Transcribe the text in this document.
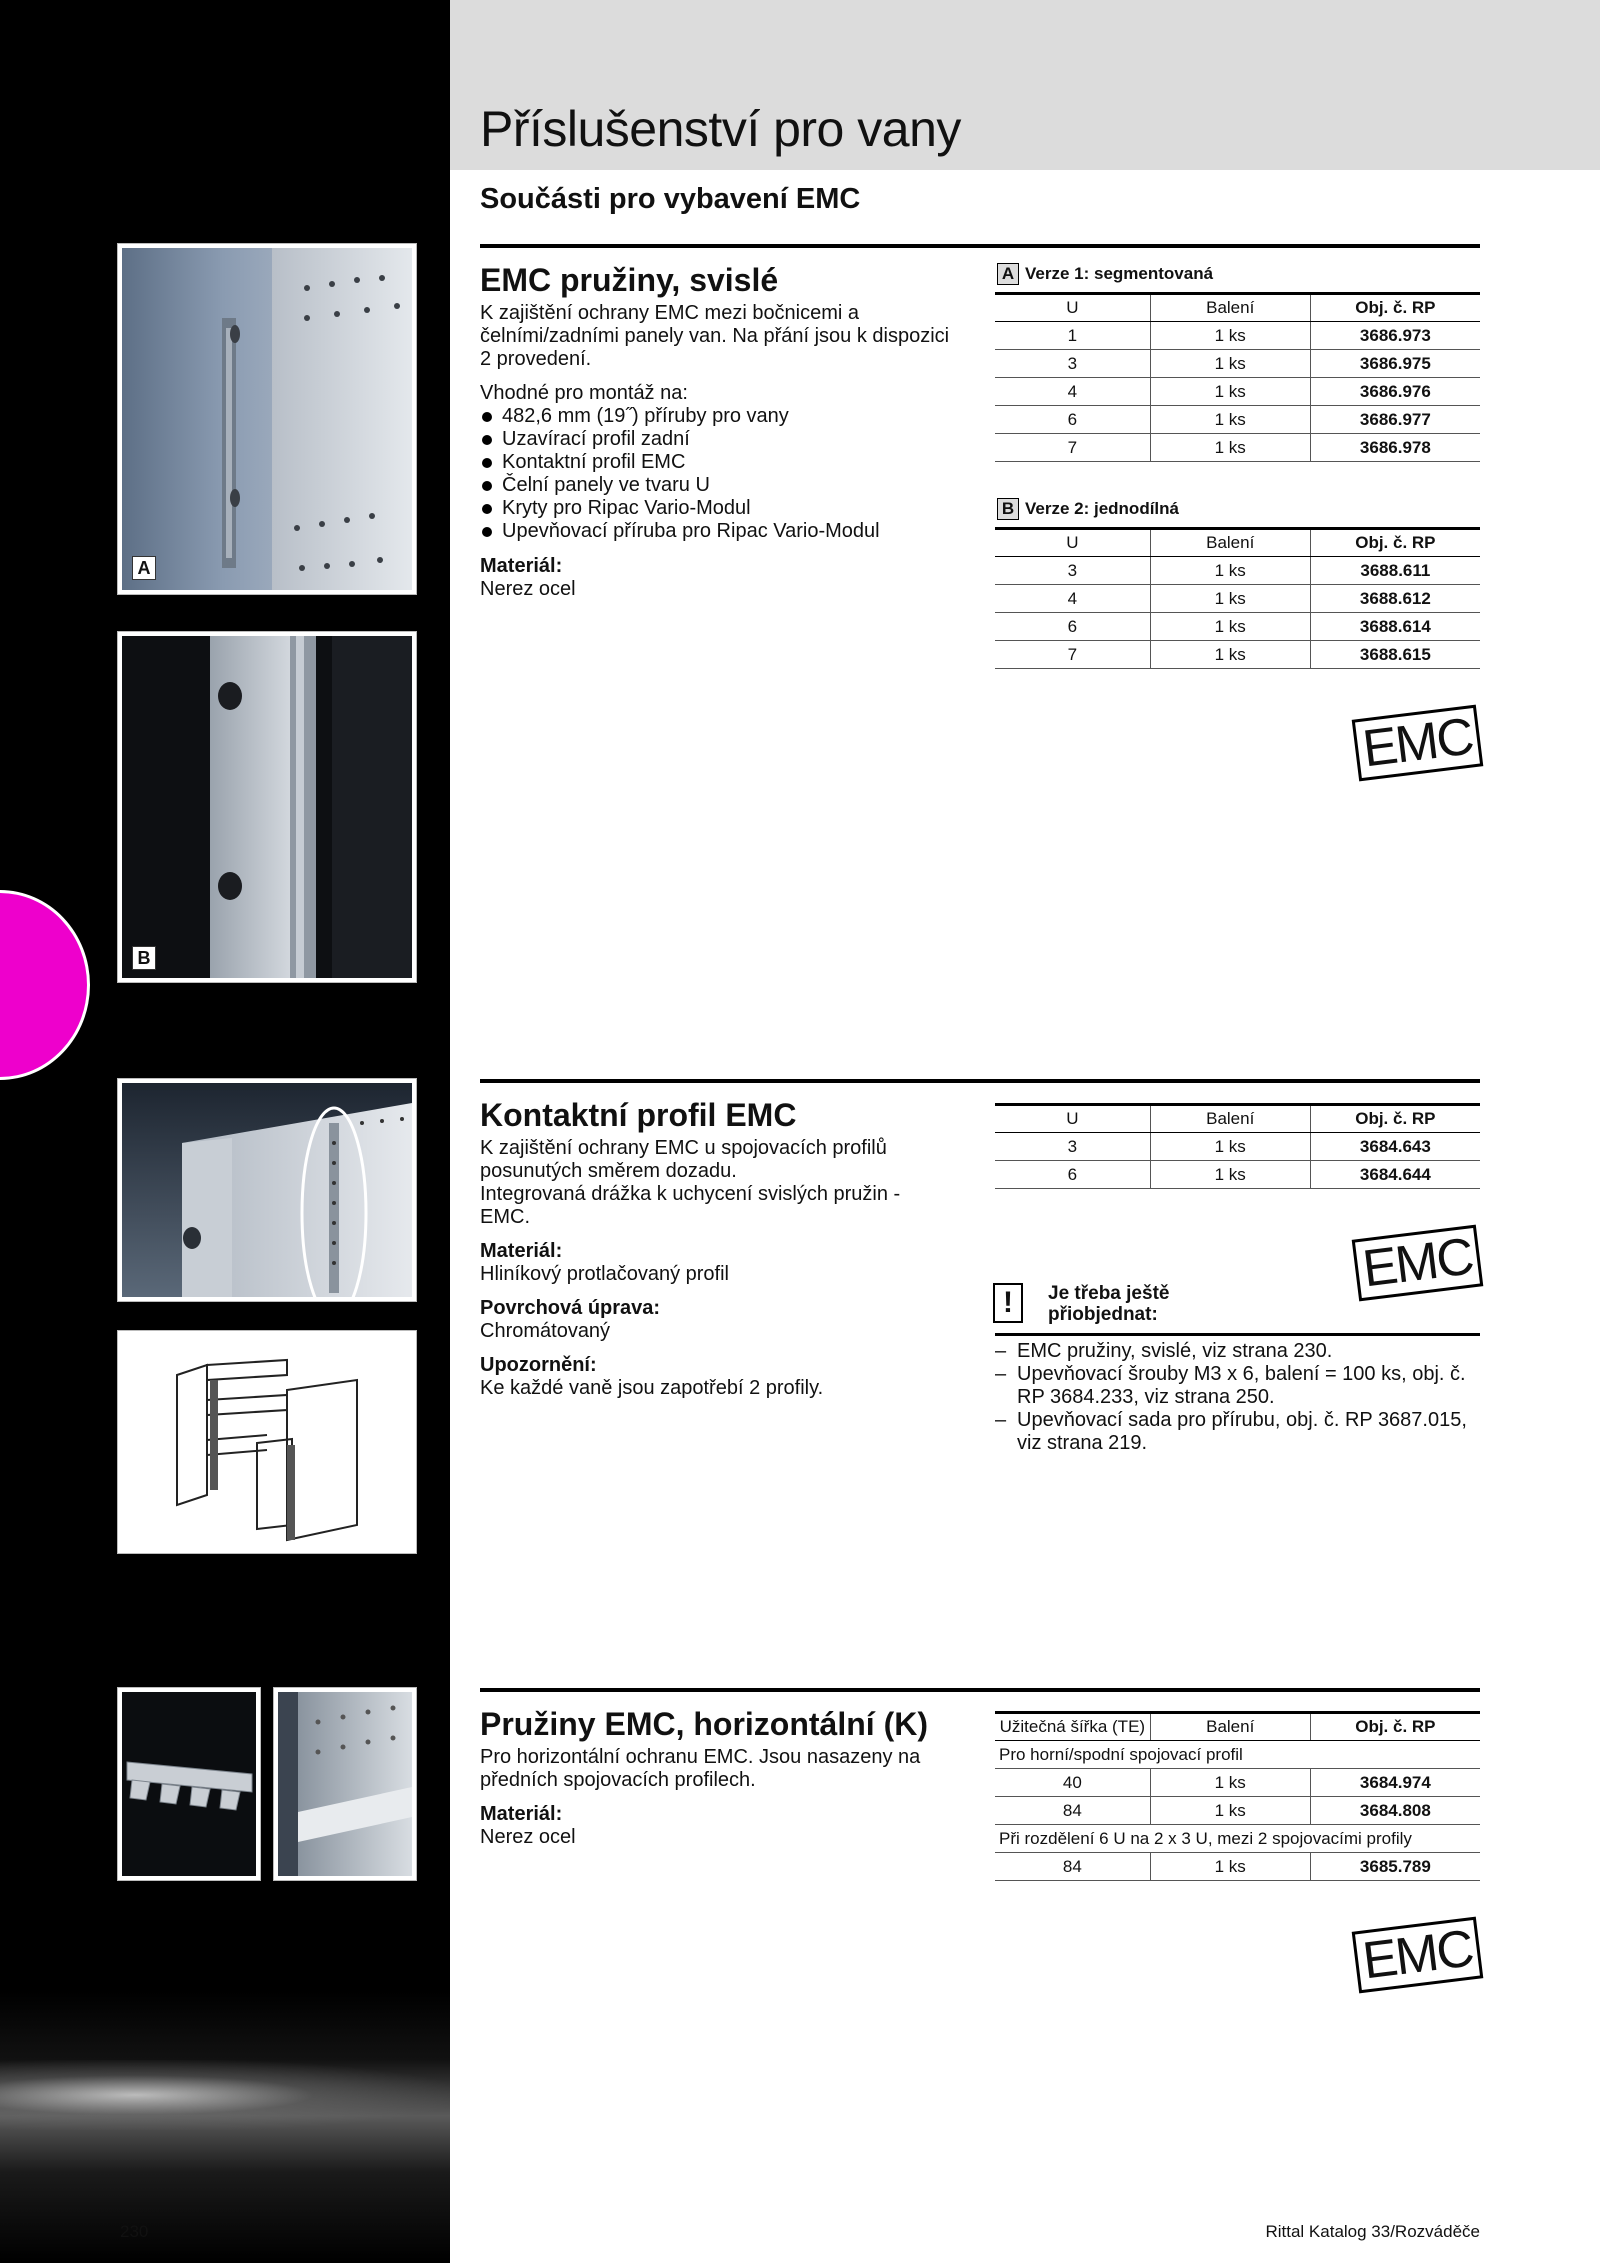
Příslušenství pro vany
Součásti pro vybavení EMC
A
B
EMC pružiny, svislé

K zajištění ochrany EMC mezi bočnicemi a čelními/zadními panely van. Na přání jsou k dispozici 2 provedení.

Vhodné pro montáž na:
482,6 mm (19˝) příruby pro vany
Uzavírací profil zadní
Kontaktní profil EMC
Čelní panely ve tvaru U
Kryty pro Ripac Vario-Modul
Upevňovací příruba pro Ripac Vario-Modul
Materiál:
Nerez ocel
A Verze 1: segmentovaná
U	Balení	Obj. č. RP
1	1 ks	3686.973
3	1 ks	3686.975
4	1 ks	3686.976
6	1 ks	3686.977
7	1 ks	3686.978
B Verze 2: jednodílná
U	Balení	Obj. č. RP
3	1 ks	3688.611
4	1 ks	3688.612
6	1 ks	3688.614
7	1 ks	3688.615
EMC
Kontaktní profil EMC
K zajištění ochrany EMC u spojovacích profilů posunutých směrem dozadu.

Integrovaná drážka k uchycení svislých pružin -EMC.

Materiál:

Hliníkový protlačovaný profil

Povrchová úprava:

Chromátovaný

Upozornění:

Ke každé vaně jsou zapotřebí 2 profily.

U	Balení	Obj. č. RP
3	1 ks	3684.643
6	1 ks	3684.644
EMC
!	Je třeba ještě
přiobjednat:
– EMC pružiny, svislé, viz strana 230.
– Upevňovací šrouby M3 x 6, balení = 100 ks, obj. č. RP 3684.233, viz strana 250.
– Upevňovací sada pro přírubu, obj. č. RP 3687.015, viz strana 219.
Pružiny EMC, horizontální (K)

Pro horizontální ochranu EMC. Jsou nasazeny na předních spojovacích profilech.

Materiál:
Nerez ocel
Užitečná šířka (TE)	Balení	Obj. č. RP
Pro horní/spodní spojovací profil		
40	1 ks	3684.974
84	1 ks	3684.808
Při rozdělení 6 U na 2 x 3 U, mezi 2 spojovacími profily		
84	1 ks	3685.789
EMC
230	Rittal Katalog 33/Rozváděče
